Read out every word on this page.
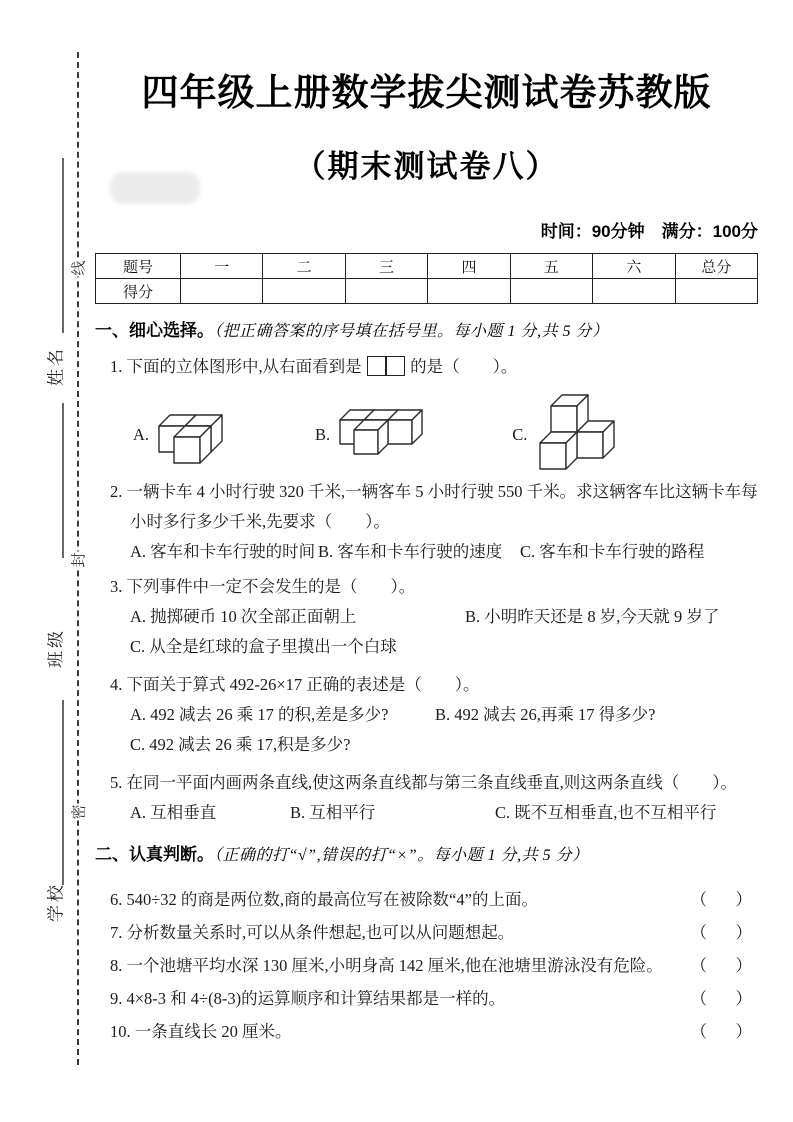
线
封
密
姓名
班级
学校
四年级上册数学拔尖测试卷苏教版
（期末测试卷八）
时间：90分钟　满分：100分
题号	一	二	三	四	五	六	总分
得分							
一、细心选择。（把正确答案的序号填在括号里。每小题 1 分,共 5 分）

1. 下面的立体图形中,从右面看到是	的是（　　）。

A.	B.	C.

2. 一辆卡车 4 小时行驶 320 千米,一辆客车 5 小时行驶 550 千米。求这辆客车比这辆卡车每小时多行多少千米,先要求（　　）。

A. 客车和卡车行驶的时间 B. 客车和卡车行驶的速度 C. 客车和卡车行驶的路程

3. 下列事件中一定不会发生的是（　　）。

A. 抛掷硬币 10 次全部正面朝上	B. 小明昨天还是 8 岁,今天就 9 岁了
C. 从全是红球的盒子里摸出一个白球

4. 下面关于算式 492-26×17 正确的表述是（　　）。

A. 492 减去 26 乘 17 的积,差是多少?	B. 492 减去 26,再乘 17 得多少?
C. 492 减去 26 乘 17,积是多少?

5. 在同一平面内画两条直线,使这两条直线都与第三条直线垂直,则这两条直线（　　）。

A. 互相垂直	B. 互相平行	C. 既不互相垂直,也不互相平行
二、认真判断。（正确的打“√”,错误的打“×”。每小题 1 分,共 5 分）
6. 540÷32 的商是两位数,商的最高位写在被除数“4”的上面。	（　）
7. 分析数量关系时,可以从条件想起,也可以从问题想起。	（　）
8. 一个池塘平均水深 130 厘米,小明身高 142 厘米,他在池塘里游泳没有危险。 （　）
9. 4×8-3 和 4÷(8-3)的运算顺序和计算结果都是一样的。	（　）
10. 一条直线长 20 厘米。	（　）
